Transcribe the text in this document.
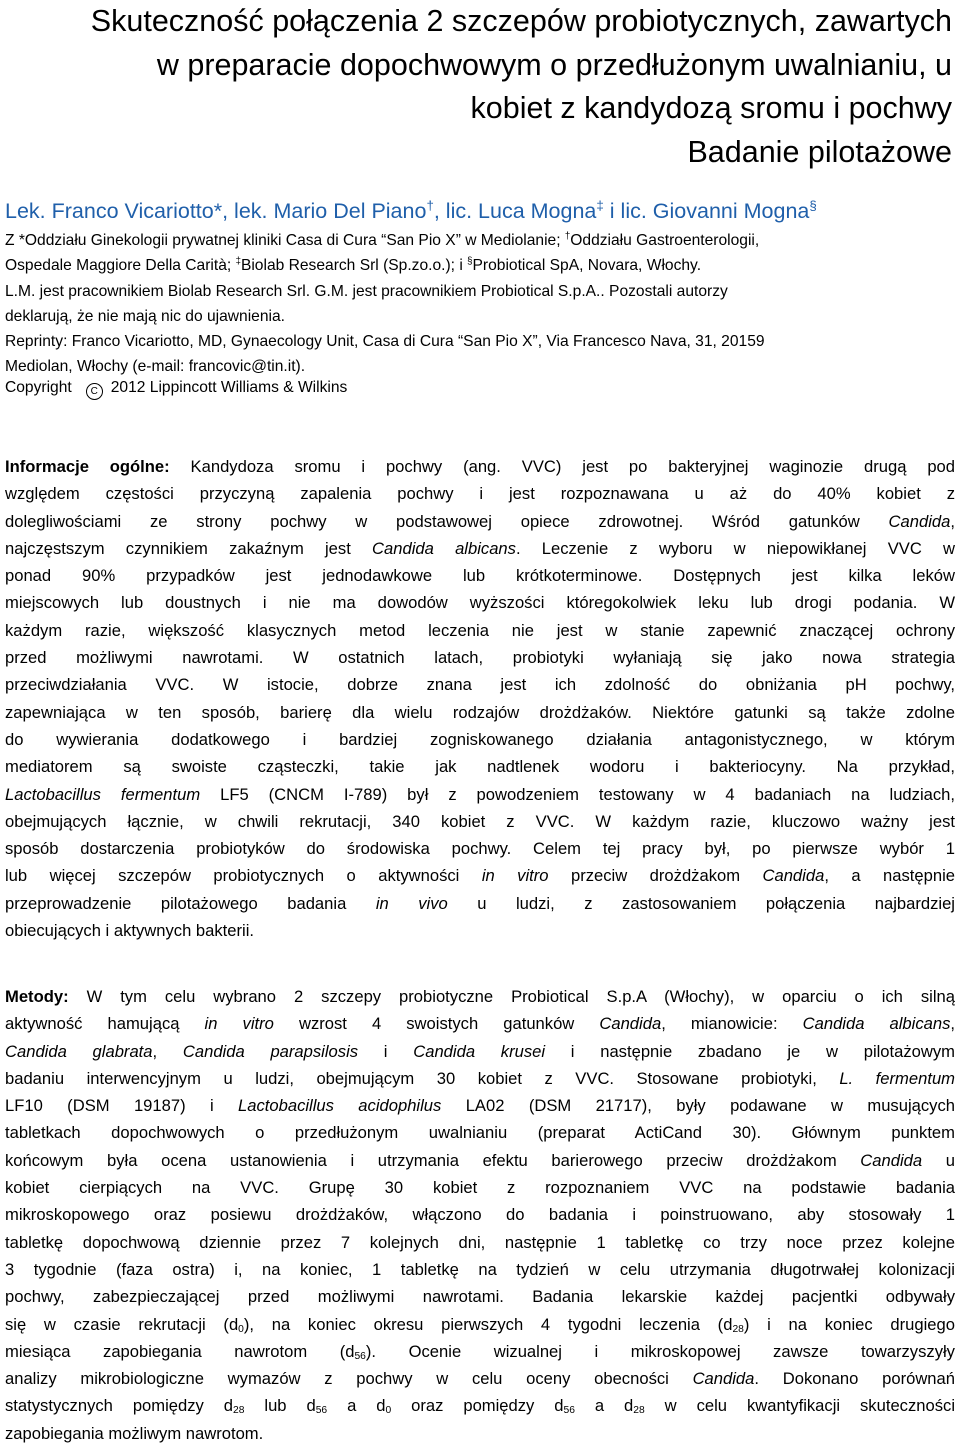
Skuteczność połączenia 2 szczepów probiotycznych, zawartych
w preparacie dopochwowym o przedłużonym uwalnianiu, u
kobiet z kandydozą sromu i pochwy
Badanie pilotażowe
Lek. Franco Vicariotto*, lek. Mario Del Piano†, lic. Luca Mogna‡ i lic. Giovanni Mogna§
Z *Oddziału Ginekologii prywatnej kliniki Casa di Cura “San Pio X” w Mediolanie; †Oddziału Gastroenterologii,
Ospedale Maggiore Della Carità; ‡Biolab Research Srl (Sp.zo.o.); i §Probiotical SpA, Novara, Włochy.
L.M. jest pracownikiem Biolab Research Srl. G.M. jest pracownikiem Probiotical S.p.A.. Pozostali autorzy
deklarują, że nie mają nic do ujawnienia.
Reprinty: Franco Vicariotto, MD, Gynaecology Unit, Casa di Cura “San Pio X”, Via Francesco Nava, 31, 20159
Mediolan, Włochy (e-mail: francovic@tin.it).
Copyright C 2012 Lippincott Williams & Wilkins
Informacje ogólne: Kandydoza sromu i pochwy (ang. VVC) jest po bakteryjnej waginozie drugą pod
względem częstości przyczyną zapalenia pochwy i jest rozpoznawana u aż do 40% kobiet z
dolegliwościami ze strony pochwy w podstawowej opiece zdrowotnej. Wśród gatunków Candida,
najczęstszym czynnikiem zakaźnym jest Candida albicans. Leczenie z wyboru w niepowikłanej VVC w
ponad 90% przypadków jest jednodawkowe lub krótkoterminowe. Dostępnych jest kilka leków
miejscowych lub doustnych i nie ma dowodów wyższości któregokolwiek leku lub drogi podania. W
każdym razie, większość klasycznych metod leczenia nie jest w stanie zapewnić znaczącej ochrony
przed możliwymi nawrotami. W ostatnich latach, probiotyki wyłaniają się jako nowa strategia
przeciwdziałania VVC. W istocie, dobrze znana jest ich zdolność do obniżania pH pochwy,
zapewniająca w ten sposób, barierę dla wielu rodzajów drożdżaków. Niektóre gatunki są także zdolne
do wywierania dodatkowego i bardziej zogniskowanego działania antagonistycznego, w którym
mediatorem są swoiste cząsteczki, takie jak nadtlenek wodoru i bakteriocyny. Na przykład,
Lactobacillus fermentum LF5 (CNCM I-789) był z powodzeniem testowany w 4 badaniach na ludziach,
obejmujących łącznie, w chwili rekrutacji, 340 kobiet z VVC. W każdym razie, kluczowo ważny jest
sposób dostarczenia probiotyków do środowiska pochwy. Celem tej pracy był, po pierwsze wybór 1
lub więcej szczepów probiotycznych o aktywności in vitro przeciw drożdżakom Candida, a następnie
przeprowadzenie pilotażowego badania in vivo u ludzi, z zastosowaniem połączenia najbardziej
obiecujących i aktywnych bakterii.
Metody: W tym celu wybrano 2 szczepy probiotyczne Probiotical S.p.A (Włochy), w oparciu o ich silną
aktywność hamującą in vitro wzrost 4 swoistych gatunków Candida, mianowicie: Candida albicans,
Candida glabrata, Candida parapsilosis i Candida krusei i następnie zbadano je w pilotażowym
badaniu interwencyjnym u ludzi, obejmującym 30 kobiet z VVC. Stosowane probiotyki, L. fermentum
LF10 (DSM 19187) i Lactobacillus acidophilus LA02 (DSM 21717), były podawane w musujących
tabletkach dopochwowych o przedłużonym uwalnianiu (preparat ActiCand 30). Głównym punktem
końcowym była ocena ustanowienia i utrzymania efektu barierowego przeciw drożdżakom Candida u
kobiet cierpiących na VVC. Grupę 30 kobiet z rozpoznaniem VVC na podstawie badania
mikroskopowego oraz posiewu drożdżaków, włączono do badania i poinstruowano, aby stosowały 1
tabletkę dopochwową dziennie przez 7 kolejnych dni, następnie 1 tabletkę co trzy noce przez kolejne
3 tygodnie (faza ostra) i, na koniec, 1 tabletkę na tydzień w celu utrzymania długotrwałej kolonizacji
pochwy, zabezpieczającej przed możliwymi nawrotami. Badania lekarskie każdej pacjentki odbywały
się w czasie rekrutacji $(d_0)$, na koniec okresu pierwszych 4 tygodni leczenia $(d_{28})$ i na koniec drugiego
miesiąca zapobiegania nawrotom $(d_{56})$. Ocenie wizualnej i mikroskopowej zawsze towarzyszyły
analizy mikrobiologiczne wymazów z pochwy w celu oceny obecności Candida. Dokonano porównań
statystycznych pomiędzy $d_{28}$ lub $d_{56}$ a $d_0$ oraz pomiędzy $d_{56}$ a $d_{28}$ w celu kwantyfikacji skuteczności
zapobiegania możliwym nawrotom.
